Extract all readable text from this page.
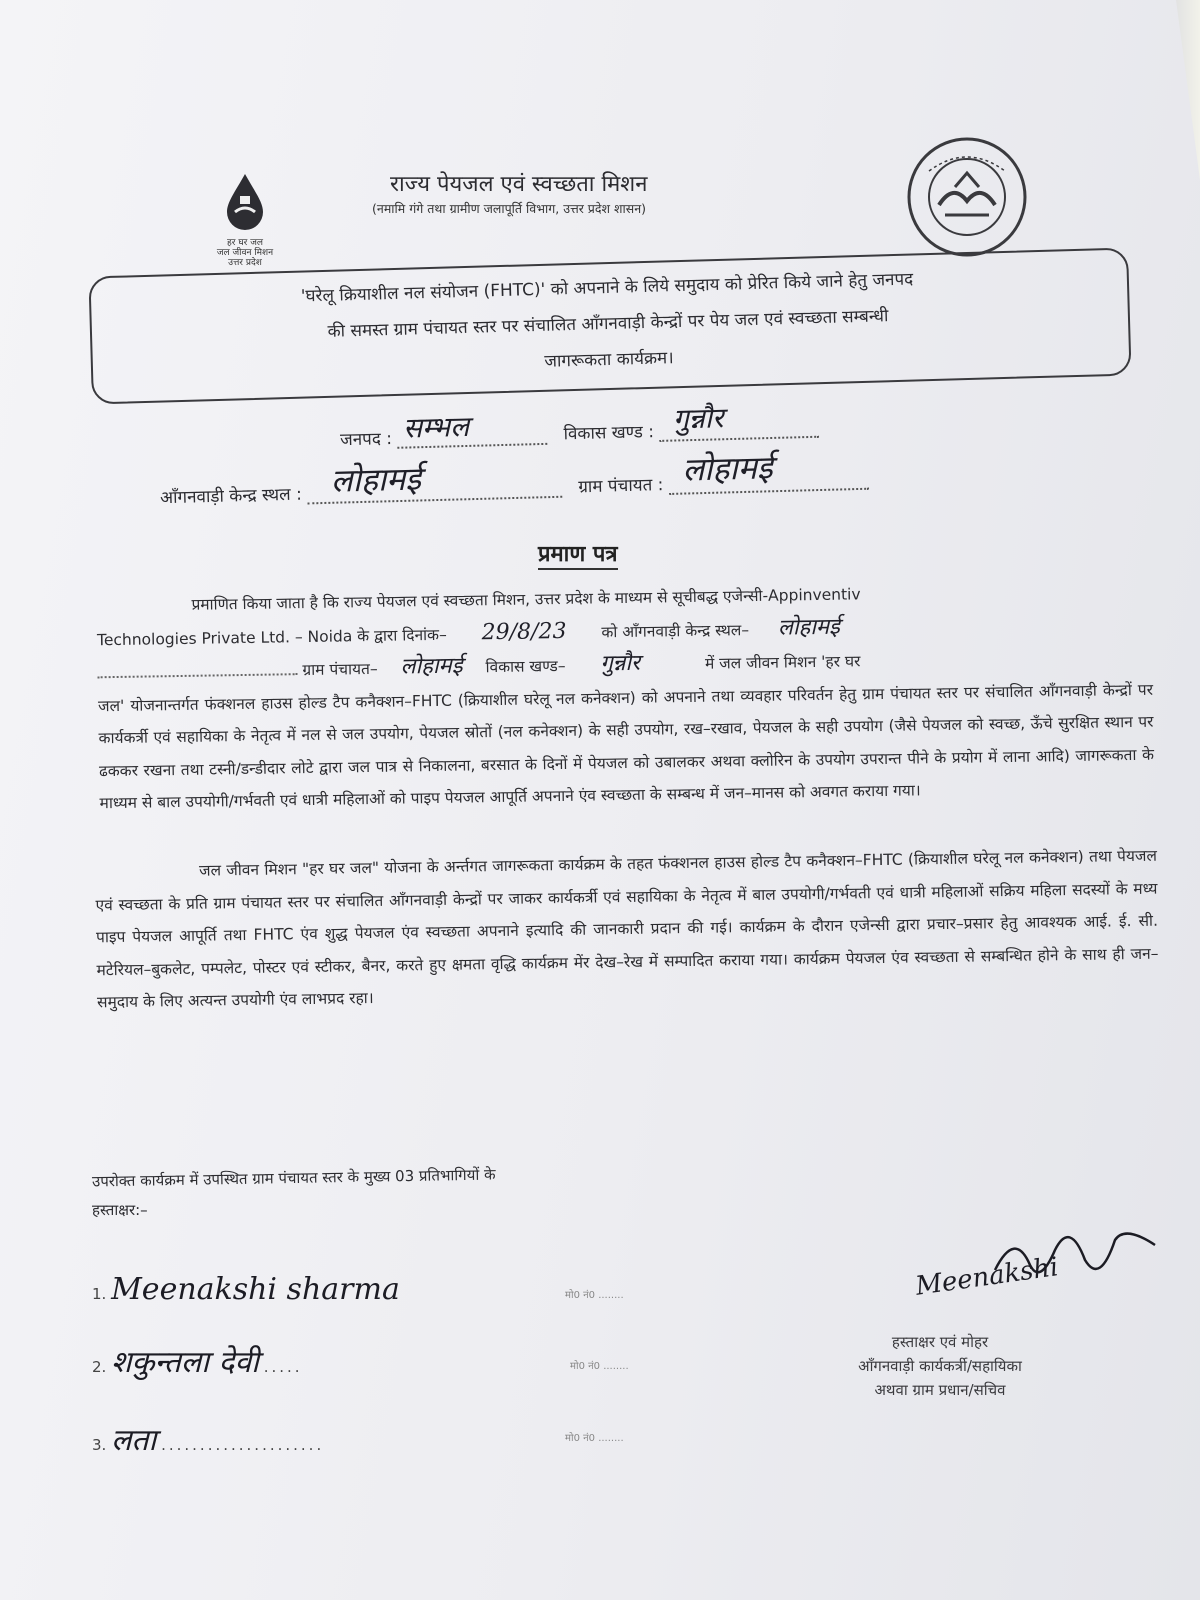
हर घर जल
जल जीवन मिशन
उत्तर प्रदेश
राज्य पेयजल एवं स्वच्छता मिशन
(नमामि गंगे तथा ग्रामीण जलापूर्ति विभाग, उत्तर प्रदेश शासन)
'घरेलू क्रियाशील नल संयोजन (FHTC)' को अपनाने के लिये समुदाय को प्रेरित किये जाने हेतु जनपद
की समस्त ग्राम पंचायत स्तर पर संचालित आँगनवाड़ी केन्द्रों पर पेय जल एवं स्वच्छता सम्बन्धी
जागरूकता कार्यक्रम।
जनपद : सम्भल	विकास खण्ड : गुन्नौर
आँगनवाड़ी केन्द्र स्थल : लोहामई	ग्राम पंचायत : लोहामई
प्रमाण पत्र
प्रमाणित किया जाता है कि राज्य पेयजल एवं स्वच्छता मिशन, उत्तर प्रदेश के माध्यम से सूचीबद्ध एजेन्सी-Appinventiv
Technologies Private Ltd. – Noida के द्वारा दिनांक– 29/8/23 को आँगनवाड़ी केन्द्र स्थल– लोहामई
ग्राम पंचायत– लोहामई विकास खण्ड– गुन्नौर	में जल जीवन मिशन 'हर घर
जल' योजनान्तर्गत फंक्शनल हाउस होल्ड टैप कनैक्शन–FHTC (क्रियाशील घरेलू नल कनेक्शन) को अपनाने तथा व्यवहार परिवर्तन हेतु ग्राम पंचायत स्तर पर संचालित आँगनवाड़ी केन्द्रों पर कार्यकर्त्री एवं सहायिका के नेतृत्व में नल से जल उपयोग, पेयजल स्रोतों (नल कनेक्शन) के सही उपयोग, रख–रखाव, पेयजल के सही उपयोग (जैसे पेयजल को स्वच्छ, ऊँचे सुरक्षित स्थान पर ढककर रखना तथा टस्नी/डन्डीदार लोटे द्वारा जल पात्र से निकालना, बरसात के दिनों में पेयजल को उबालकर अथवा क्लोरिन के उपयोग उपरान्त पीने के प्रयोग में लाना आदि) जागरूकता के माध्यम से बाल उपयोगी/गर्भवती एवं धात्री महिलाओं को पाइप पेयजल आपूर्ति अपनाने एंव स्वच्छता के सम्बन्ध में जन–मानस को अवगत कराया गया।
जल जीवन मिशन "हर घर जल" योजना के अर्न्तगत जागरूकता कार्यक्रम के तहत फंक्शनल हाउस होल्ड टैप कनैक्शन–FHTC (क्रियाशील घरेलू नल कनेक्शन) तथा पेयजल एवं स्वच्छता के प्रति ग्राम पंचायत स्तर पर संचालित आँगनवाड़ी केन्द्रों पर जाकर कार्यकर्त्री एवं सहायिका के नेतृत्व में बाल उपयोगी/गर्भवती एवं धात्री महिलाओं सक्रिय महिला सदस्यों के मध्य पाइप पेयजल आपूर्ति तथा FHTC एंव शुद्ध पेयजल एंव स्वच्छता अपनाने इत्यादि की जानकारी प्रदान की गई। कार्यक्रम के दौरान एजेन्सी द्वारा प्रचार–प्रसार हेतु आवश्यक आई. ई. सी. मटेरियल–बुकलेट, पम्पलेट, पोस्टर एवं स्टीकर, बैनर, करते हुए क्षमता वृद्धि कार्यक्रम मेंर देख–रेख में सम्पादित कराया गया। कार्यक्रम पेयजल एंव स्वच्छता से सम्बन्धित होने के साथ ही जन–समुदाय के लिए अत्यन्त उपयोगी एंव लाभप्रद रहा।
उपरोक्त कार्यक्रम में उपस्थित ग्राम पंचायत स्तर के मुख्य 03 प्रतिभागियों के
हस्ताक्षर:–
1. Meenakshi sharma	मो0 नं0 ........
2. शकुन्तला देवी .....	मो0 नं0 ........
3. लता .....................	मो0 नं0 ........
Meenakshi
हस्ताक्षर एवं मोहर
आँगनवाड़ी कार्यकर्त्री/सहायिका
अथवा ग्राम प्रधान/सचिव
